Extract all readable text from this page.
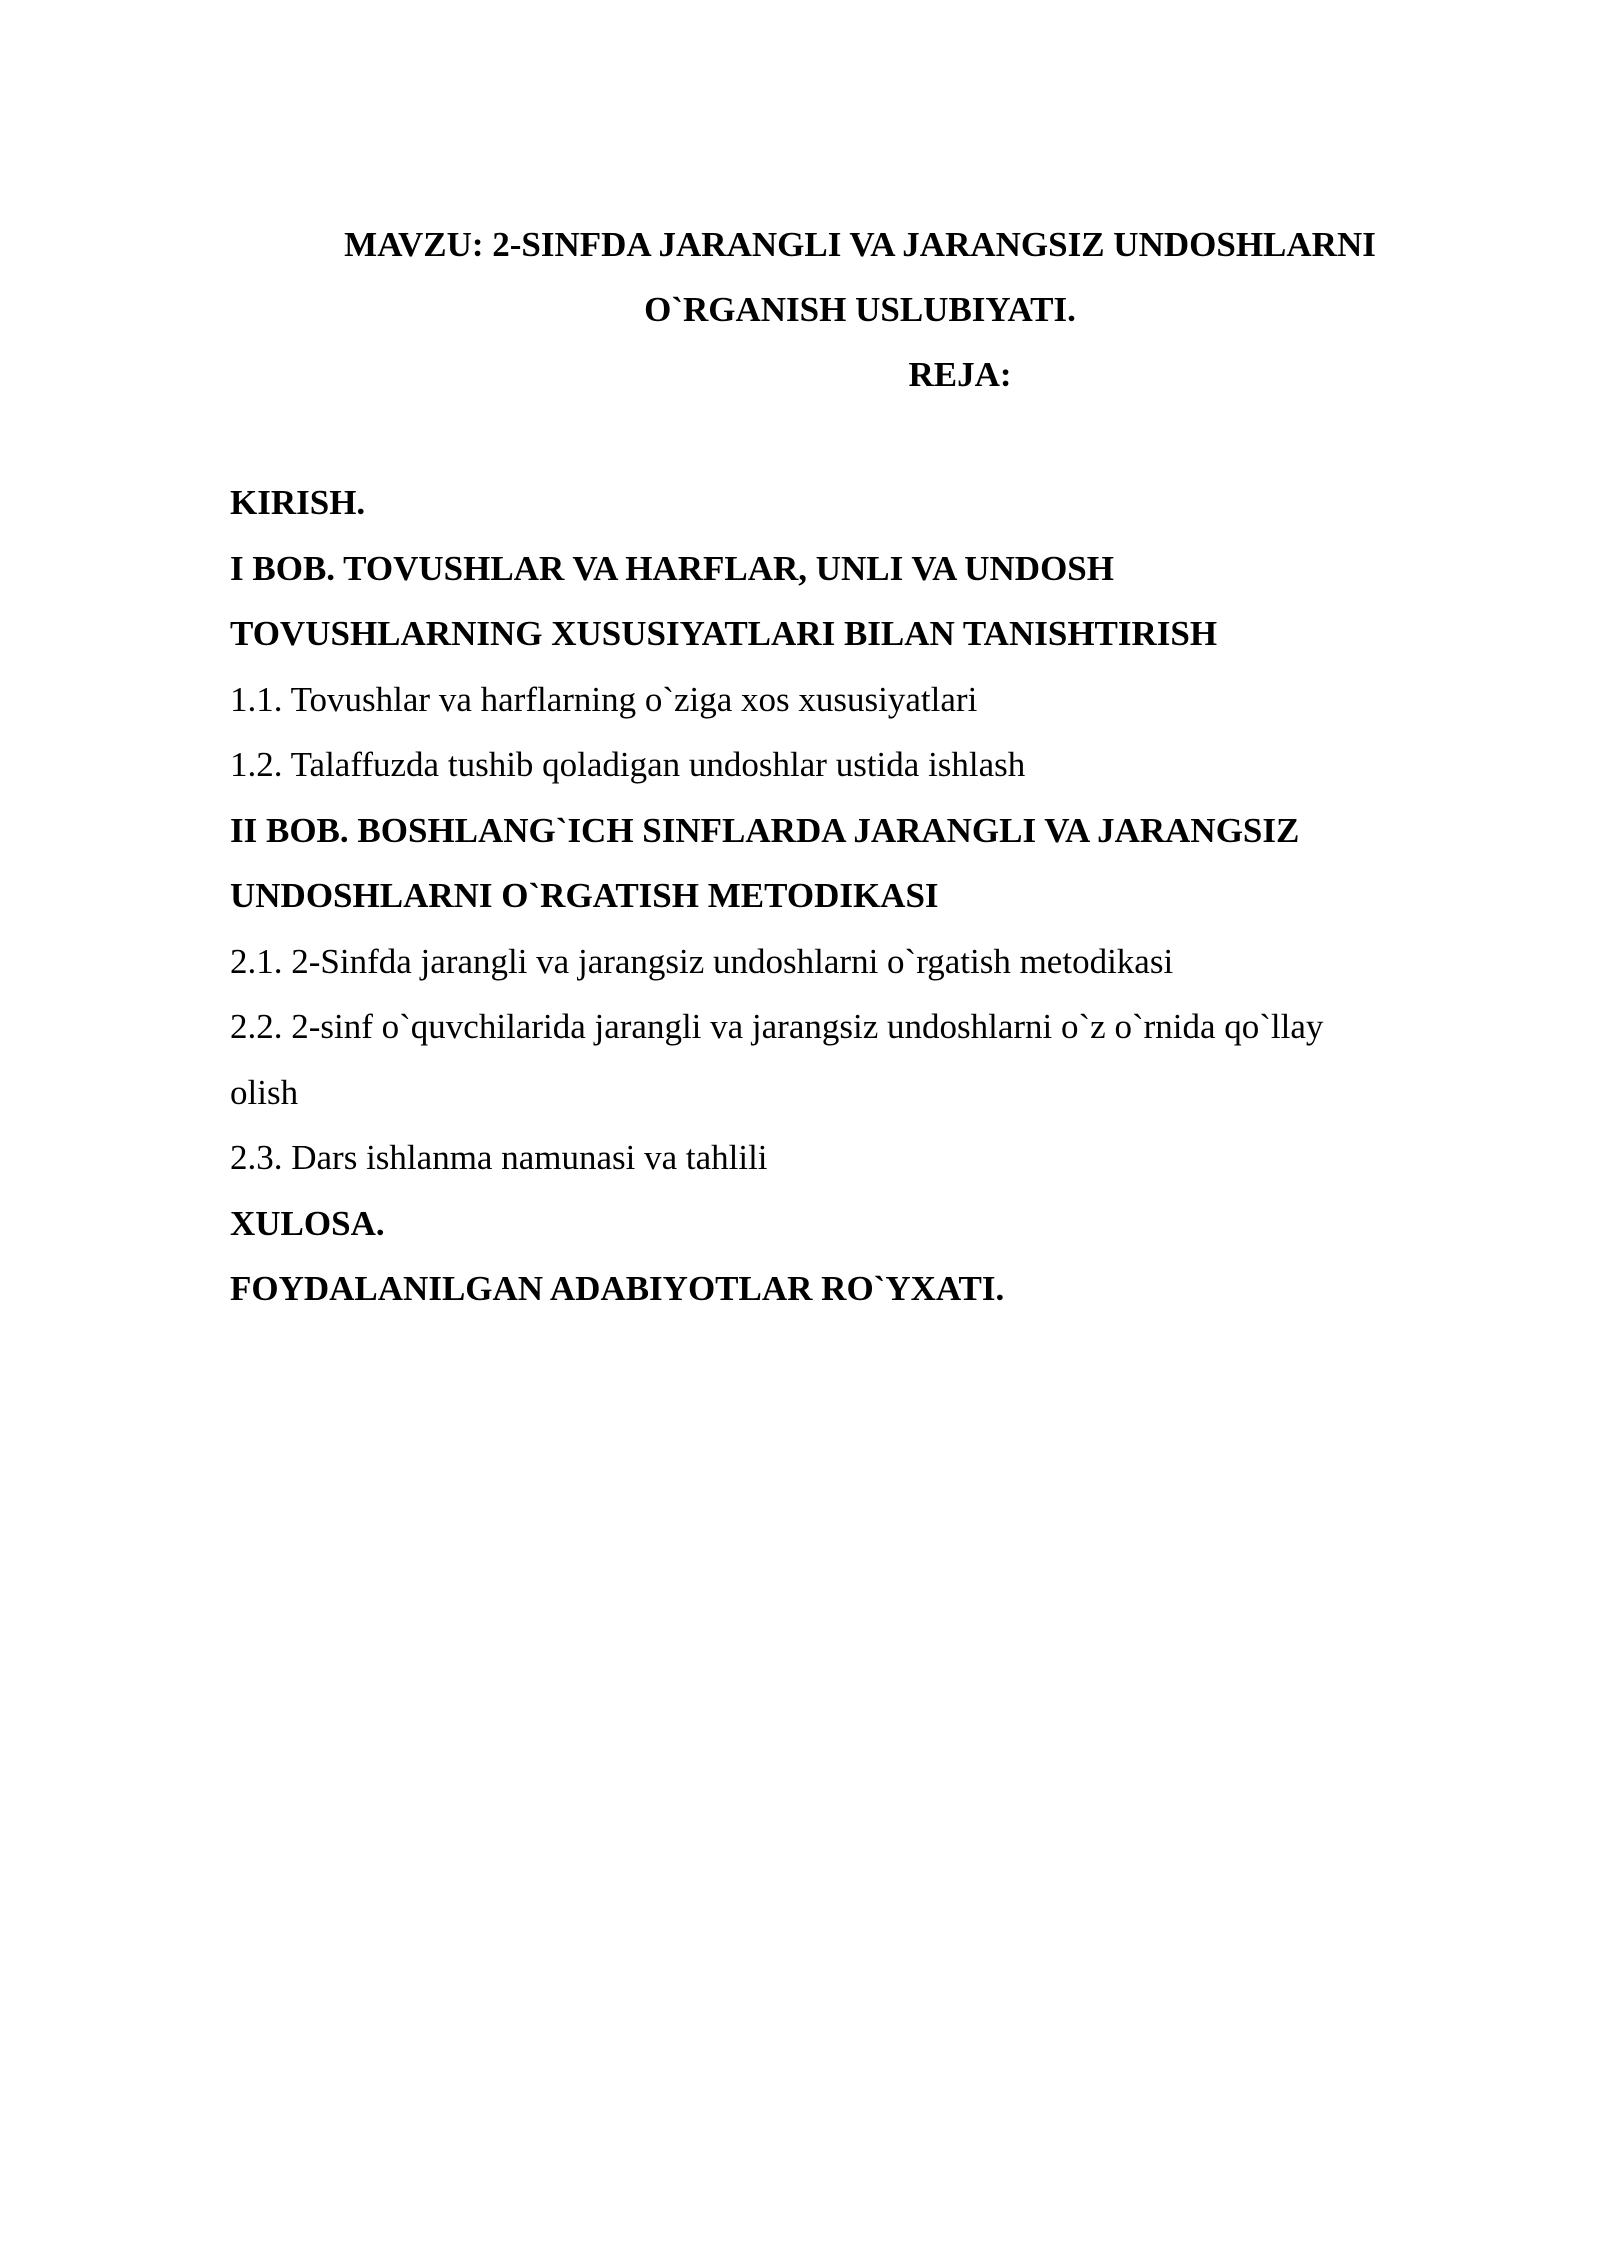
MAVZU: 2-SINFDA JARANGLI VA JARANGSIZ UNDOSHLARNI
O`RGANISH USLUBIYATI.
REJA:
KIRISH.
I BOB. TOVUSHLAR VA HARFLAR, UNLI VA UNDOSH
TOVUSHLARNING XUSUSIYATLARI BILAN TANISHTIRISH
1.1. Tovushlar va harflarning o`ziga xos xususiyatlari
1.2. Talaffuzda tushib qoladigan undoshlar ustida ishlash
II BOB. BOSHLANG`ICH SINFLARDA JARANGLI VA JARANGSIZ
UNDOSHLARNI O`RGATISH METODIKASI
2.1. 2-Sinfda jarangli va jarangsiz undoshlarni o`rgatish metodikasi
2.2. 2-sinf o`quvchilarida jarangli va jarangsiz undoshlarni o`z o`rnida qo`llay
olish
2.3. Dars ishlanma namunasi va tahlili
XULOSA.
FOYDALANILGAN ADABIYOTLAR RO`YXATI.
